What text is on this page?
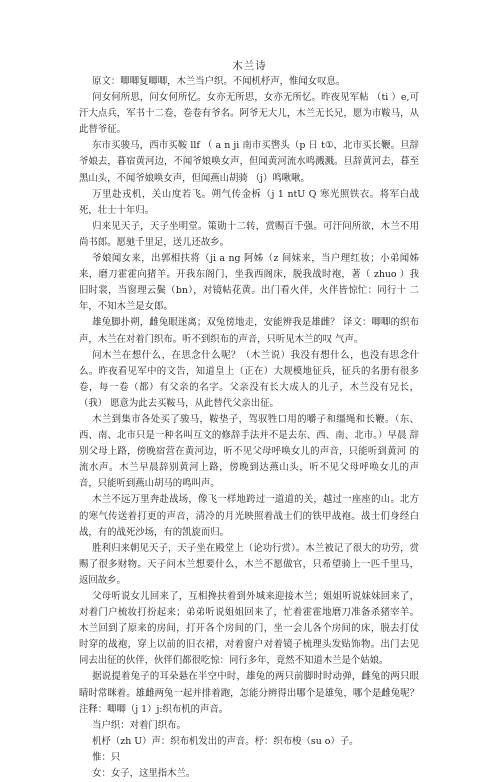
木兰诗

原文：唧唧复唧唧，木兰当户织。不闻机杼声，惟闻女叹息。

问女何所思，问女何所忆。女亦无所思，女亦无所忆。昨夜见军帖 （ti ）e,可汗大点兵，军书十二卷，卷卷有爷名。阿爷无大儿，木兰无长兄，愿为市鞍马，从此替爷征。

东市买骏马，西市买鞍 llf （ a n ji 南市买辔头（p 日 t①，北市买长鞭。旦辞爷娘去，暮宿黄河边，不闻爷娘唤女声，但闻黄河流水鸣溅溅。旦辞黄河去，暮至黑山头，不闻爷娘唤女声，但闻燕山胡骑 （j）鸣啾啾。

万里赴戎机，关山度若飞。朔气传金柝（j 1 ntU Q 寒光照铁衣。将军白战死，壮士十年归。

归来见天子，天子坐明堂。策勋十二转，赏赐百千强。可汗问所欲，木兰不用 尚书郎。愿驰千里足，送儿还故乡。

爷娘闻女来，出郭相扶将（ji a ng 阿姊（z 间妹来，当户理红妆；小弟闻姊 来，磨刀霍霍向猪羊。开我东阁门，坐我西阁床，脱我战时袍，著（ zhuo ）我 旧时裳，当窗理云鬓（bn），对镜帖花黄。出门看火伴，火伴皆惊忙：同行十 二年，不知木兰是女郎。

雄兔脚扑朔，雌兔眼迷离；双兔傍地走，安能辨我是雄雌？ 译文：唧唧的织布声，木兰在对着门织布。听不到织布的声音，只听见木兰的叹 气声。

问木兰在想什么，在思念什么呢？（木兰说）我没有想什么，也没有思念什么。昨夜看见军中的文告，知道皇上（正在）大规模地征兵，征兵的名册有很多卷，每一卷（都）有父亲的名字。父亲没有长大成人的儿子，木兰没有兄长，（我） 愿意为此去买鞍马，从此替代父亲出征。

木兰到集市各处买了骏马，鞍垫子，驾驭牲口用的嚼子和缰绳和长鞭。（东、西、南、北市只是一种名叫互文的修辞手法并不是去东、西、南、北市。）早晨 辞别父母上路，傍晚宿营在黄河边，听不见父母呼唤女儿的声音，只能听到黄河 的流水声。木兰早晨辞别黄河上路，傍晚到达燕山头，听不见父母呼唤女儿的声 音，只能听到燕山胡马的鸣叫声。

木兰不远万里奔赴战场，像飞一样地跨过一道道的关，越过一座座的山。北方 的寒气传送着打更的声音，清冷的月光映照着战士们的铁甲战袍。战士们身经白 战，有的战死沙场，有的凯旋而归。

胜利归来朝见天子，天子坐在殿堂上（论功行赏）。木兰被记了很大的功劳，赏赐了很多财物。天子问木兰想要什么，木兰不愿做官，只希望骑上一匹千里马， 返回故乡。

父母听说女儿回来了，互相搀扶着到外城来迎接木兰；姐姐听说妹妹回来了， 对着门户梳妆打扮起来；弟弟听说姐姐回来了，忙着霍霍地磨刀准备杀猪宰羊。 木兰回到了原来的房间，打开各个房间的门，坐一会儿各个房间的床，脱去打仗 时穿的战袍，穿上以前的旧衣裙，对着窗户对着镜子梳理头发贴饰物。出门去见 同去出征的伙伴，伙伴们都很吃惊：同行多年，竟然不知道木兰是个姑娘。

据说提着兔子的耳朵悬在半空中时，雄兔的两只前脚时时动弹，雌兔的两只眼 睛时常眯着。雄雌两兔一起并排着跑，怎能分辨得出哪个是雄兔，哪个是雌兔呢？ 注释：唧唧（j 1）j:织布机的声音。

当户织：对着门织布。

机杼（zh U）声：织布机发出的声音。杼：织布梭（su o）子。

惟：只

女：女子，这里指木兰。
